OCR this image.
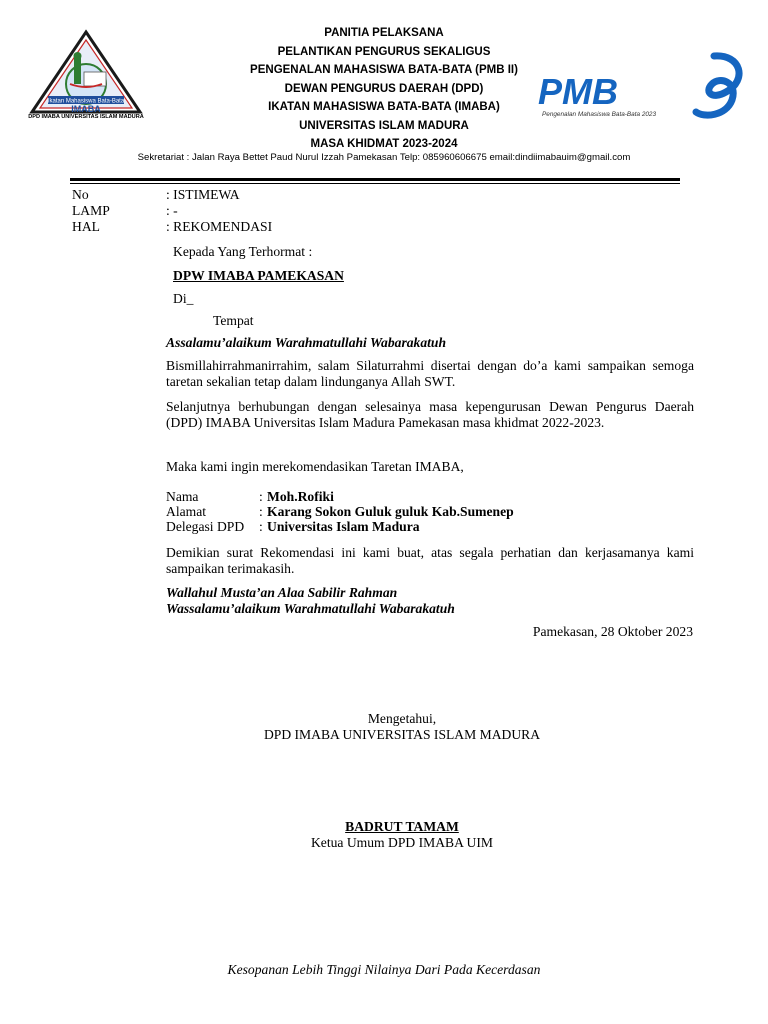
Ikatan Mahasiswa Bata-Bata
IMABA
DPD IMABA UNIVERSITAS ISLAM MADURA
PANITIA PELAKSANA
PELANTIKAN PENGURUS SEKALIGUS
PENGENALAN MAHASISWA BATA-BATA (PMB II)
DEWAN PENGURUS DAERAH (DPD)
IKATAN MAHASISWA BATA-BATA (IMABA)
UNIVERSITAS ISLAM MADURA
MASA KHIDMAT 2023-2024
PMB
Pengenalan Mahasiswa Bata-Bata 2023
Sekretariat : Jalan Raya Bettet Paud Nurul Izzah Pamekasan Telp: 085960606675 email:dindiimabauim@gmail.com
No	: ISTIMEWA
LAMP	: -
HAL	: REKOMENDASI
Kepada Yang Terhormat :
DPW IMABA PAMEKASAN
Di_
Tempat
Assalamu’alaikum Warahmatullahi Wabarakatuh
Bismillahirrahmanirrahim, salam Silaturrahmi disertai dengan do’a kami sampaikan semoga taretan sekalian tetap dalam lindunganya Allah SWT.
Selanjutnya berhubungan dengan selesainya masa kepengurusan Dewan Pengurus Daerah (DPD) IMABA Universitas Islam Madura Pamekasan masa khidmat 2022-2023.
Maka kami ingin merekomendasikan Taretan IMABA,
Nama	: Moh.Rofiki
Alamat	: Karang Sokon Guluk guluk Kab.Sumenep
Delegasi DPD : Universitas Islam Madura
Demikian surat Rekomendasi ini kami buat, atas segala perhatian dan kerjasamanya kami sampaikan terimakasih.
Wallahul Musta’an Alaa Sabilir Rahman
Wassalamu’alaikum Warahmatullahi Wabarakatuh
Pamekasan, 28 Oktober 2023
Mengetahui,
DPD IMABA UNIVERSITAS ISLAM MADURA
BADRUT TAMAM
Ketua Umum DPD IMABA UIM
Kesopanan Lebih Tinggi Nilainya Dari Pada Kecerdasan
